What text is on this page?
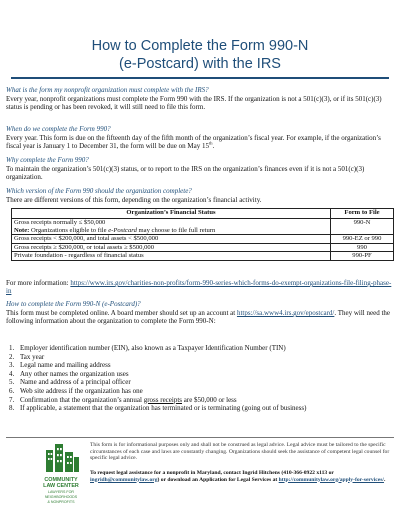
How to Complete the Form 990-N
(e-Postcard) with the IRS
What is the form my nonprofit organization must complete with the IRS?
Every year, nonprofit organizations must complete the Form 990 with the IRS. If the organization is not a 501(c)(3), or if its 501(c)(3) status is pending or has been revoked, it will still need to file this form.
When do we complete the Form 990?
Every year. This form is due on the fifteenth day of the fifth month of the organization’s fiscal year. For example, if the organization’s fiscal year is January 1 to December 31, the form will be due on May 15th.
Why complete the Form 990?
To maintain the organization’s 501(c)(3) status, or to report to the IRS on the organization’s finances even if it is not a 501(c)(3) organization.
Which version of the Form 990 should the organization complete?
There are different versions of this form, depending on the organization’s financial activity.
Organization’s Financial Status	Form to File

Gross receipts normally ≤ $50,000
Note: Organizations eligible to file e-Postcard may choose to file full return	990-N
Gross receipts < $200,000, and total assets < $500,000	990-EZ or 990
Gross receipts ≥ $200,000, or total assets ≥ $500,000	990
Private foundation - regardless of financial status	990-PF
For more information: https://www.irs.gov/charities-non-profits/form-990-series-which-forms-do-exempt-organizations-file-filing-phase-in
How to complete the Form 990-N (e-Postcard)?
This form must be completed online. A board member should set up an account at https://sa.www4.irs.gov/epostcard/. They will need the following information about the organization to complete the Form 990-N:
1. Employer identification number (EIN), also known as a Taxpayer Identification Number (TIN)
2. Tax year
3. Legal name and mailing address
4. Any other names the organization uses
5. Name and address of a principal officer
6. Web site address if the organization has one
7. Confirmation that the organization’s annual gross receipts are $50,000 or less
8. If applicable, a statement that the organization has terminated or is terminating (going out of business)
COMMUNITY
LAW CENTER
LAWYERS FOR
NEIGHBORHOODS
& NONPROFITS
This form is for informational purposes only and shall not be construed as legal advice. Legal advice must be tailored to the specific circumstances of each case and laws are constantly changing. Organizations should seek the assistance of competent legal counsel for specific legal advice.
To request legal assistance for a nonprofit in Maryland, contact Ingrid Hitchens (410-366-0922 x113 or ingridh@communitylaw.org) or download an Application for Legal Services at http://communitylaw.org/apply-for-services/.
